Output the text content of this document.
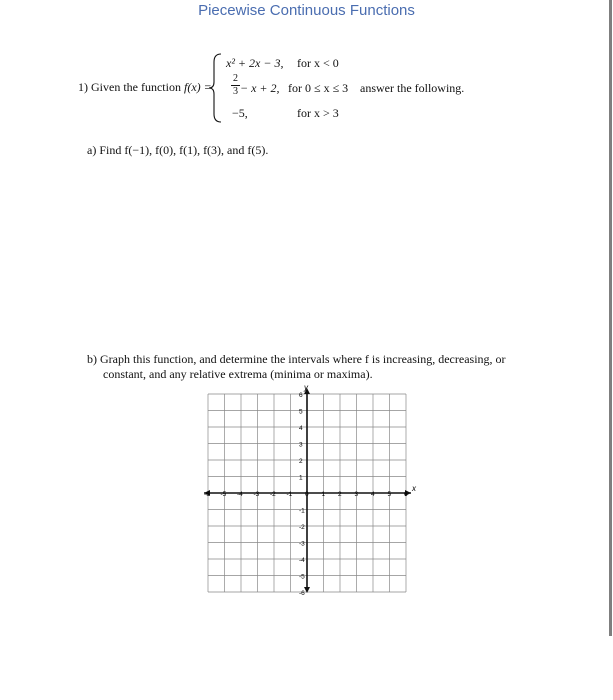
Piecewise Continuous Functions
1) Given the function f(x) =
x² + 2x − 3, for x < 0
2
3 − x + 2, for 0 ≤ x ≤ 3
−5,	for x > 3
answer the following.
a) Find f(−1), f(0), f(1), f(3), and f(5).
b) Graph this function, and determine the intervals where f is increasing, decreasing, or
constant, and any relative extrema (minima or maxima).
x
y
-6 -5 -4 -3 -2 -1 0 1 2 3 4 5 6
6
5
4
3
2
1
-1
-2
-3
-4
-5
-6
